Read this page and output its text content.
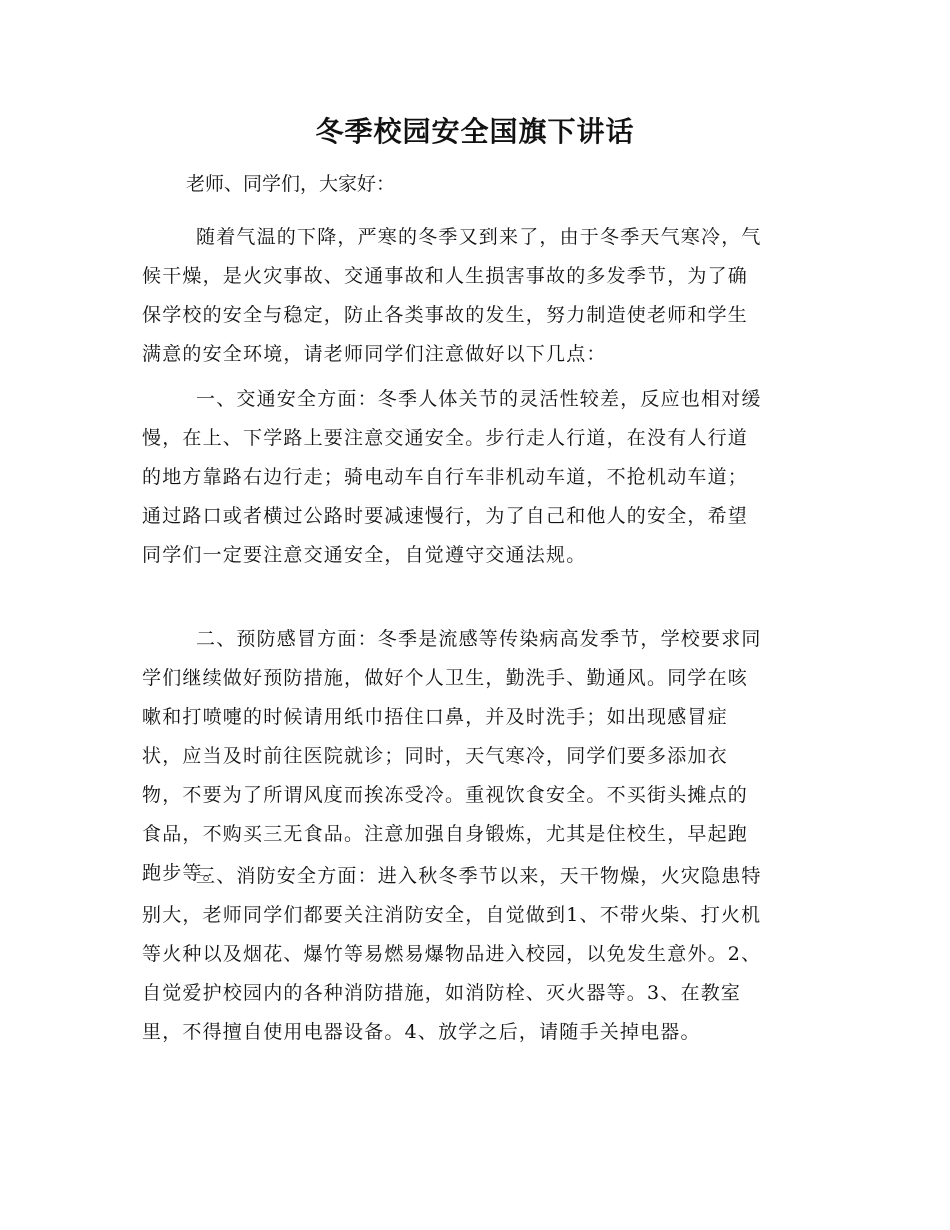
冬季校园安全国旗下讲话
老师、同学们，大家好：
随着气温的下降，严寒的冬季又到来了，由于冬季天气寒冷，气
候干燥，是火灾事故、交通事故和人生损害事故的多发季节，为了确
保学校的安全与稳定，防止各类事故的发生，努力制造使老师和学生
满意的安全环境，请老师同学们注意做好以下几点：
一、交通安全方面：冬季人体关节的灵活性较差，反应也相对缓
慢，在上、下学路上要注意交通安全。步行走人行道，在没有人行道
的地方靠路右边行走；骑电动车自行车非机动车道，不抢机动车道；
通过路口或者横过公路时要减速慢行，为了自己和他人的安全，希望
同学们一定要注意交通安全，自觉遵守交通法规。
二、预防感冒方面：冬季是流感等传染病高发季节，学校要求同
学们继续做好预防措施，做好个人卫生，勤洗手、勤通风。同学在咳
嗽和打喷嚏的时候请用纸巾捂住口鼻，并及时洗手；如出现感冒症
状，应当及时前往医院就诊；同时，天气寒冷，同学们要多添加衣
物，不要为了所谓风度而挨冻受冷。重视饮食安全。不买街头摊点的
食品，不购买三无食品。注意加强自身锻炼，尤其是住校生，早起跑
跑步等。
三、消防安全方面：进入秋冬季节以来，天干物燥，火灾隐患特
别大，老师同学们都要关注消防安全，自觉做到1、不带火柴、打火机
等火种以及烟花、爆竹等易燃易爆物品进入校园，以免发生意外。2、
自觉爱护校园内的各种消防措施，如消防栓、灭火器等。3、在教室
里，不得擅自使用电器设备。4、放学之后，请随手关掉电器。
